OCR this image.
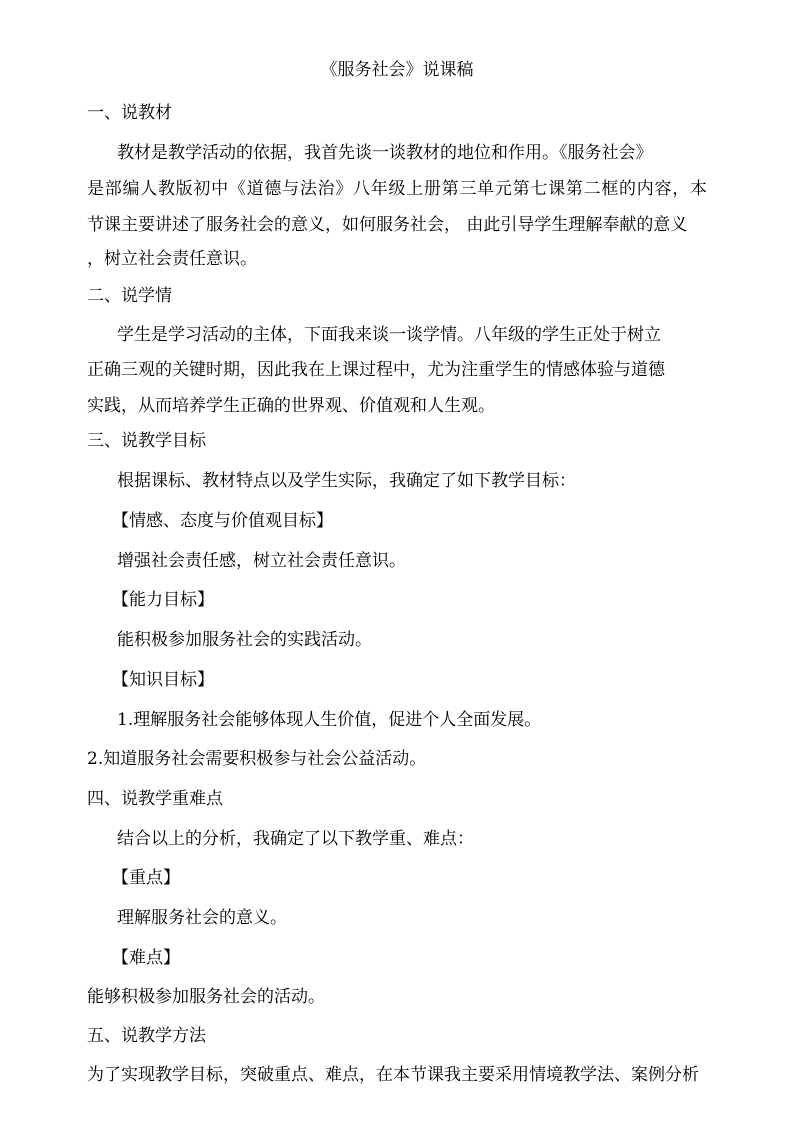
《服务社会》说课稿
一、说教材
教材是教学活动的依据，我首先谈一谈教材的地位和作用。《服务社会》
是部编人教版初中《道德与法治》八年级上册第三单元第七课第二框的内容，本
节课主要讲述了服务社会的意义，如何服务社会， 由此引导学生理解奉献的意义
，树立社会责任意识。
二、说学情
学生是学习活动的主体，下面我来谈一谈学情。八年级的学生正处于树立
正确三观的关键时期，因此我在上课过程中，尤为注重学生的情感体验与道德
实践，从而培养学生正确的世界观、价值观和人生观。
三、说教学目标
根据课标、教材特点以及学生实际，我确定了如下教学目标：
【情感、态度与价值观目标】
增强社会责任感，树立社会责任意识。
【能力目标】
能积极参加服务社会的实践活动。
【知识目标】
1.理解服务社会能够体现人生价值，促进个人全面发展。
2.知道服务社会需要积极参与社会公益活动。
四、说教学重难点
结合以上的分析，我确定了以下教学重、难点：
【重点】
理解服务社会的意义。
【难点】
能够积极参加服务社会的活动。
五、说教学方法
为了实现教学目标，突破重点、难点，在本节课我主要采用情境教学法、案例分析
